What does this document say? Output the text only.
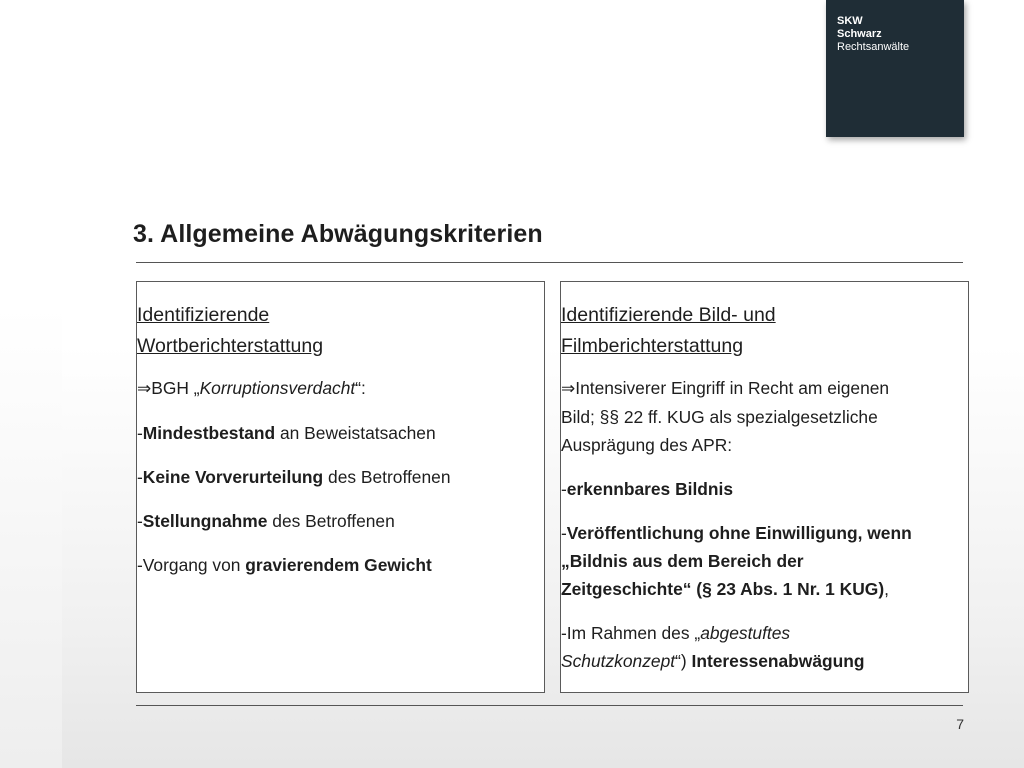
SKW
Schwarz
Rechtsanwälte
3. Allgemeine Abwägungskriterien
Identifizierende
Wortberichterstattung

⇒BGH „Korruptionsverdacht“:

-Mindestbestand an Beweistatsachen

-Keine Vorverurteilung des Betroffenen

-Stellungnahme des Betroffenen

-Vorgang von gravierendem Gewicht

Identifizierende Bild- und
Filmberichterstattung

⇒Intensiverer Eingriff in Recht am eigenen
Bild; §§ 22 ff. KUG als spezialgesetzliche
Ausprägung des APR:

-erkennbares Bildnis

-Veröffentlichung ohne Einwilligung, wenn
„Bildnis aus dem Bereich der
Zeitgeschichte“ (§ 23 Abs. 1 Nr. 1 KUG),

-Im Rahmen des „abgestuftes
Schutzkonzept“) Interessenabwägung

7
